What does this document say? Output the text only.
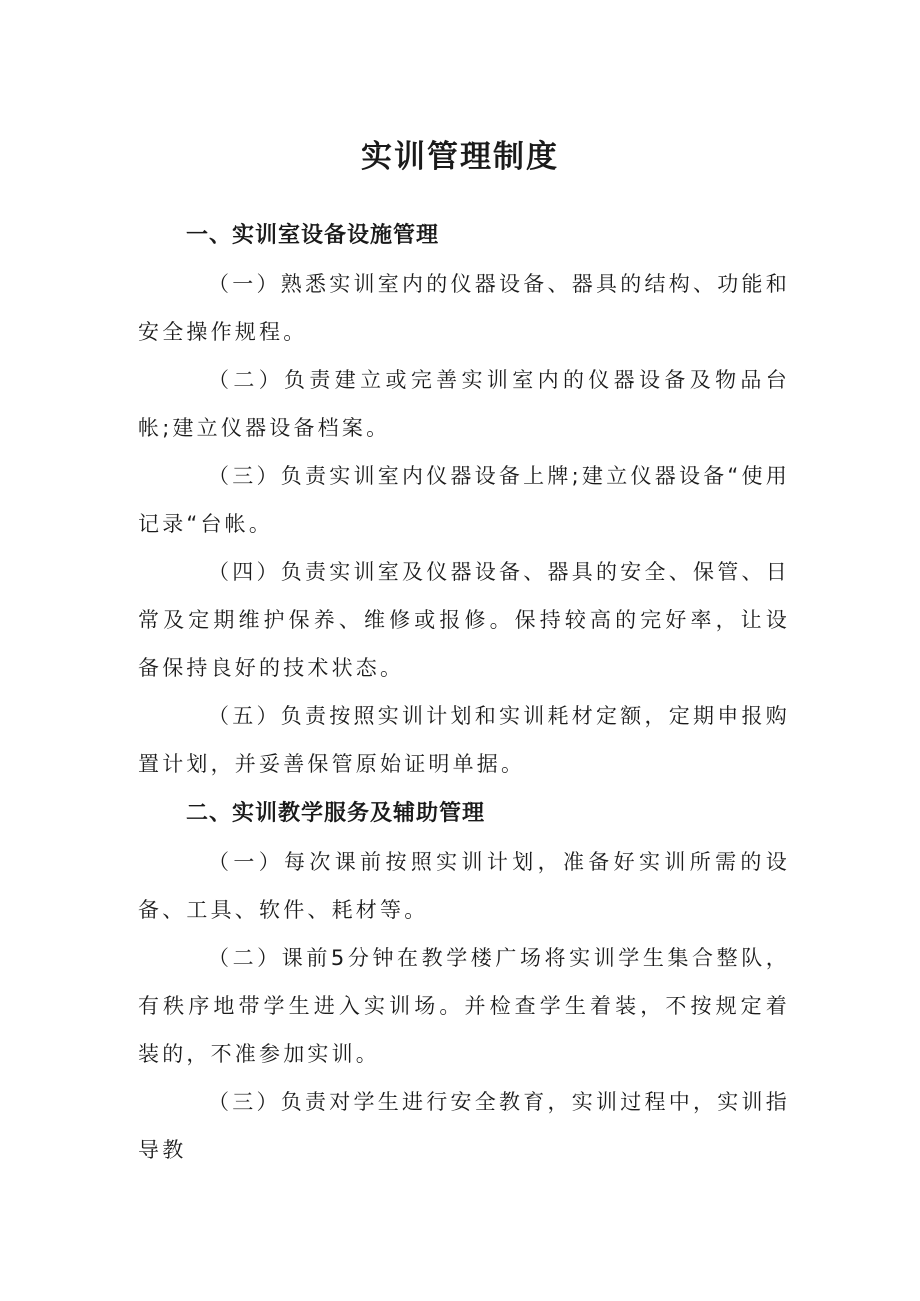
实训管理制度
一、实训室设备设施管理

（一）熟悉实训室内的仪器设备、器具的结构、功能和安全操作规程。

（二）负责建立或完善实训室内的仪器设备及物品台帐;建立仪器设备档案。

（三）负责实训室内仪器设备上牌;建立仪器设备“使用记录“台帐。

（四）负责实训室及仪器设备、器具的安全、保管、日常及定期维护保养、维修或报修。保持较高的完好率，让设备保持良好的技术状态。

（五）负责按照实训计划和实训耗材定额，定期申报购置计划，并妥善保管原始证明单据。

二、实训教学服务及辅助管理

（一）每次课前按照实训计划，准备好实训所需的设备、工具、软件、耗材等。

（二）课前5分钟在教学楼广场将实训学生集合整队，有秩序地带学生进入实训场。并检查学生着装，不按规定着装的，不准参加实训。

（三）负责对学生进行安全教育，实训过程中，实训指导教
